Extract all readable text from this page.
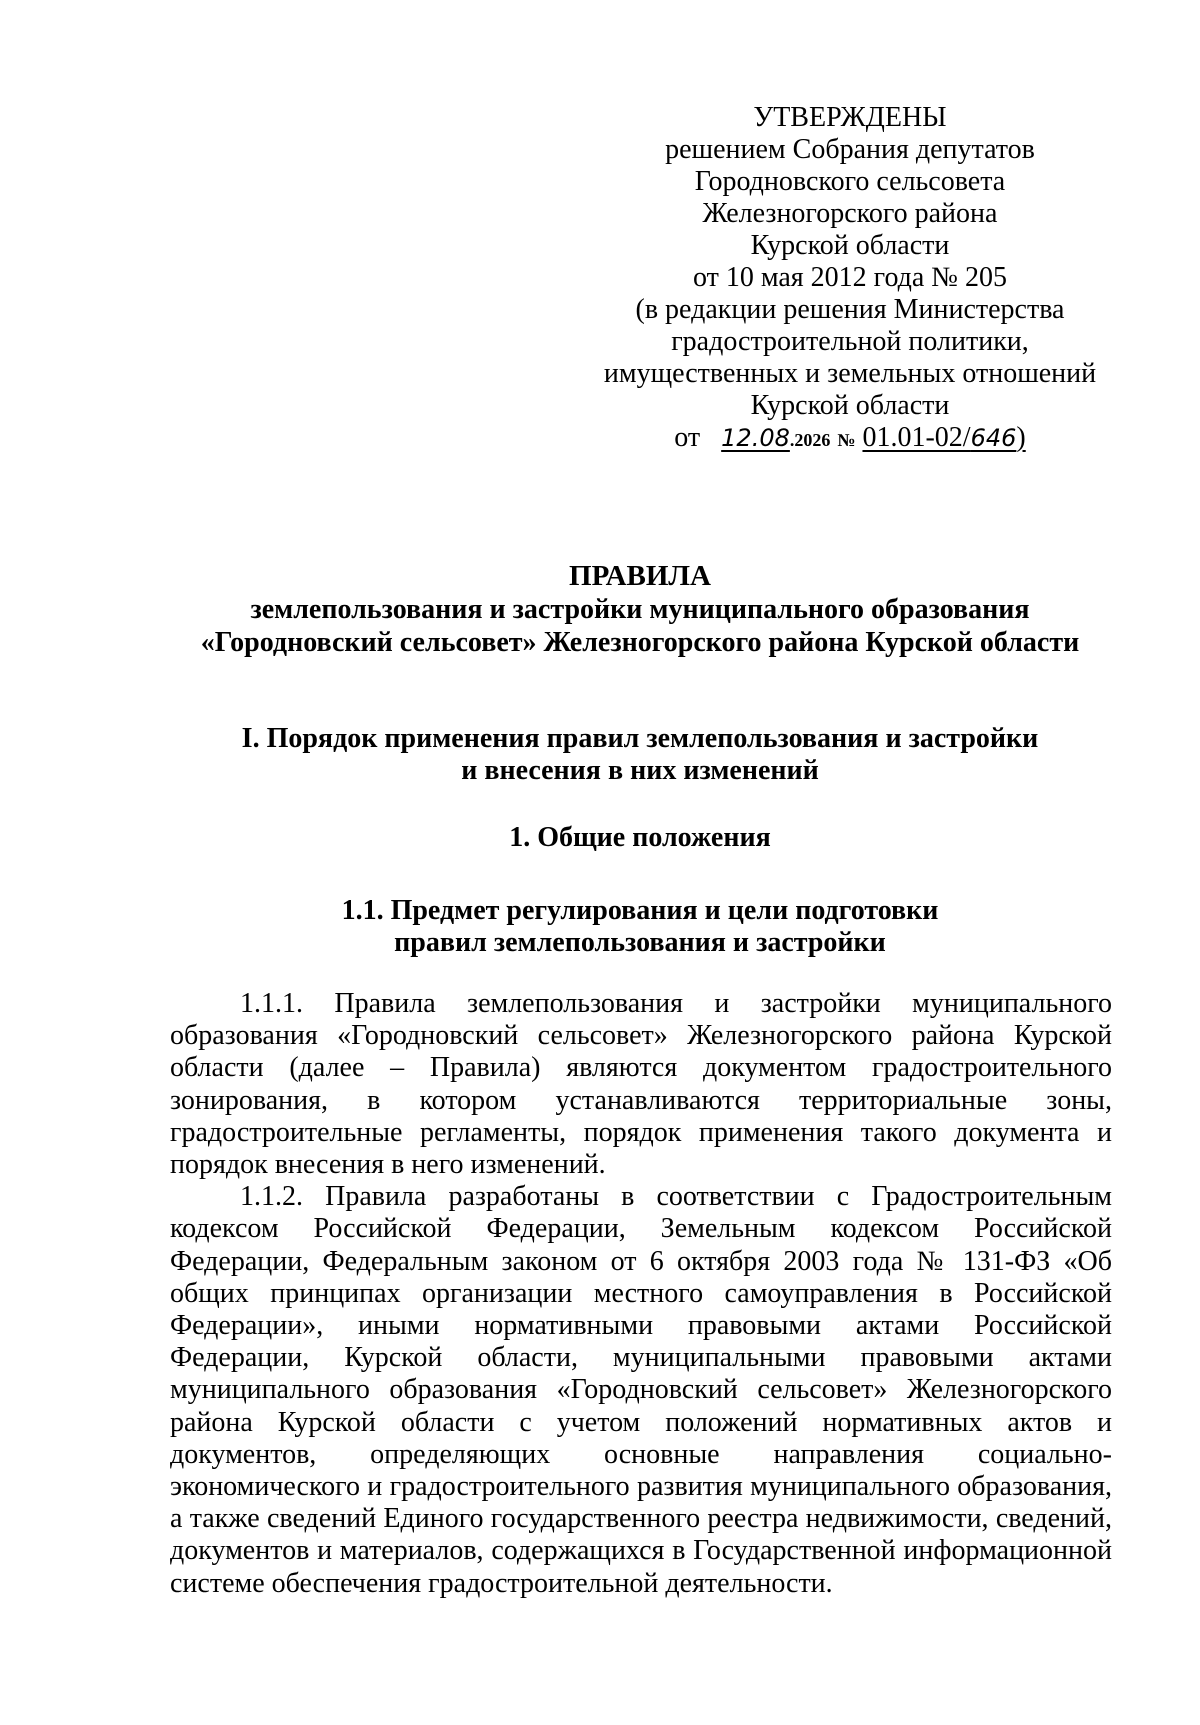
УТВЕРЖДЕНЫ
решением Собрания депутатов
Городновского сельсовета
Железногорского района
Курской области
от 10 мая 2012 года № 205
(в редакции решения Министерства
градостроительной политики,
имущественных и земельных отношений
Курской области
от 12.08.2026 № 01.01-02/646)
ПРАВИЛА
землепользования и застройки муниципального образования
«Городновский сельсовет» Железногорского района Курской области
I. Порядок применения правил землепользования и застройки
и внесения в них изменений
1. Общие положения
1.1. Предмет регулирования и цели подготовки
правил землепользования и застройки

1.1.1. Правила землепользования и застройки муниципального образования «Городновский сельсовет» Железногорского района Курской области (далее – Правила) являются документом градостроительного зонирования, в котором устанавливаются территориальные зоны, градостроительные регламенты, порядок применения такого документа и порядок внесения в него изменений.

1.1.2. Правила разработаны в соответствии с Градостроительным кодексом Российской Федерации, Земельным кодексом Российской Федерации, Федеральным законом от 6 октября 2003 года № 131-ФЗ «Об общих принципах организации местного самоуправления в Российской Федерации», иными нормативными правовыми актами Российской Федерации, Курской области, муниципальными правовыми актами муниципального образования «Городновский сельсовет» Железногорского района Курской области с учетом положений нормативных актов и документов, определяющих основные направления социально-экономического и градостроительного развития муниципального образования, а также сведений Единого государственного реестра недвижимости, сведений, документов и материалов, содержащихся в Государственной информационной системе обеспечения градостроительной деятельности.
